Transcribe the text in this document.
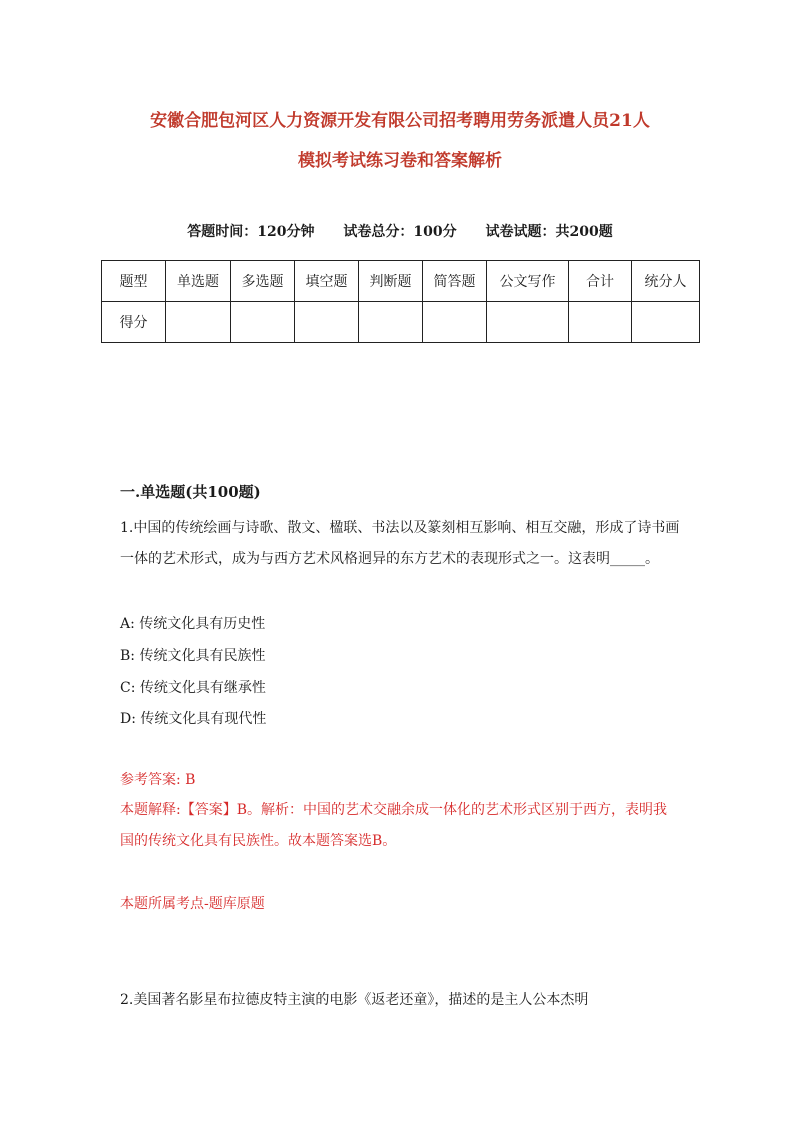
安徽合肥包河区人力资源开发有限公司招考聘用劳务派遣人员21人
模拟考试练习卷和答案解析
答题时间：120分钟 试卷总分：100分 试卷试题：共200题
题型	单选题	多选题	填空题	判断题	简答题	公文写作	合计	统分人
得分								
一.单选题(共100题)
1.中国的传统绘画与诗歌、散文、楹联、书法以及篆刻相互影响、相互交融，形成了诗书画一体的艺术形式，成为与西方艺术风格迥异的东方艺术的表现形式之一。这表明_____。
A: 传统文化具有历史性
B: 传统文化具有民族性
C: 传统文化具有继承性
D: 传统文化具有现代性
参考答案: B
本题解释:【答案】B。解析：中国的艺术交融余成一体化的艺术形式区别于西方，表明我国的传统文化具有民族性。故本题答案选B。
本题所属考点-题库原题
2.美国著名影星布拉德皮特主演的电影《返老还童》，描述的是主人公本杰明
